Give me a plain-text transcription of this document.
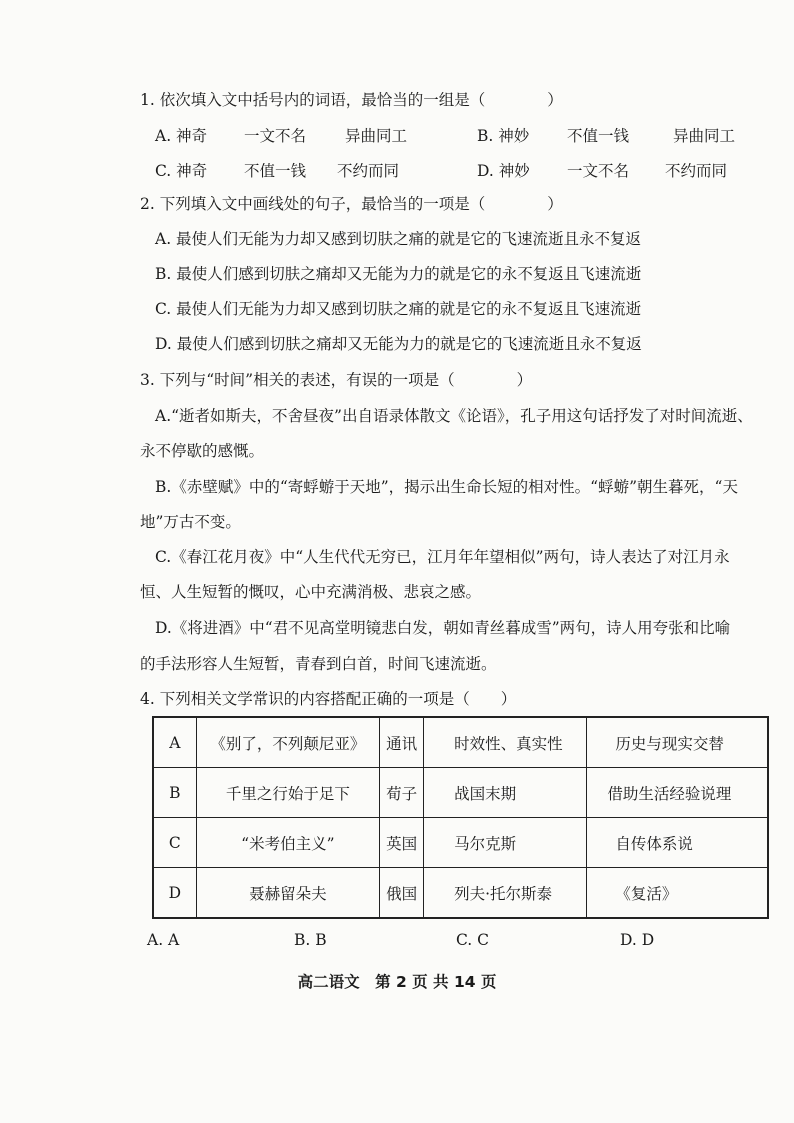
1. 依次填入文中括号内的词语，最恰当的一组是（　　　　）
A. 神奇 一文不名	异曲同工	B. 神妙 不值一钱	异曲同工
C. 神奇 不值一钱 不约而同	D. 神妙 一文不名 不约而同
2. 下列填入文中画线处的句子，最恰当的一项是（　　　　）
A. 最使人们无能为力却又感到切肤之痛的就是它的飞速流逝且永不复返
B. 最使人们感到切肤之痛却又无能为力的就是它的永不复返且飞速流逝
C. 最使人们无能为力却又感到切肤之痛的就是它的永不复返且飞速流逝
D. 最使人们感到切肤之痛却又无能为力的就是它的飞速流逝且永不复返
3. 下列与“时间”相关的表述，有误的一项是（　　　　）
A.“逝者如斯夫，不舍昼夜”出自语录体散文《论语》，孔子用这句话抒发了对时间流逝、
永不停歇的感慨。
B.《赤壁赋》中的“寄蜉蝣于天地”，揭示出生命长短的相对性。“蜉蝣”朝生暮死，“天
地”万古不变。
C.《春江花月夜》中“人生代代无穷已，江月年年望相似”两句，诗人表达了对江月永
恒、人生短暂的慨叹，心中充满消极、悲哀之感。
D.《将进酒》中“君不见高堂明镜悲白发，朝如青丝暮成雪”两句，诗人用夸张和比喻
的手法形容人生短暂，青春到白首，时间飞速流逝。
4. 下列相关文学常识的内容搭配正确的一项是（　　）
A	《别了，不列颠尼亚》	通讯	时效性、真实性	历史与现实交替
B	千里之行始于足下	荀子	战国末期	借助生活经验说理
C	“米考伯主义”	英国	马尔克斯	自传体系说
D	聂赫留朵夫	俄国	列夫·托尔斯泰	《复活》
A. A	B. B	C. C	D. D
高二语文　第 2 页 共 14 页
